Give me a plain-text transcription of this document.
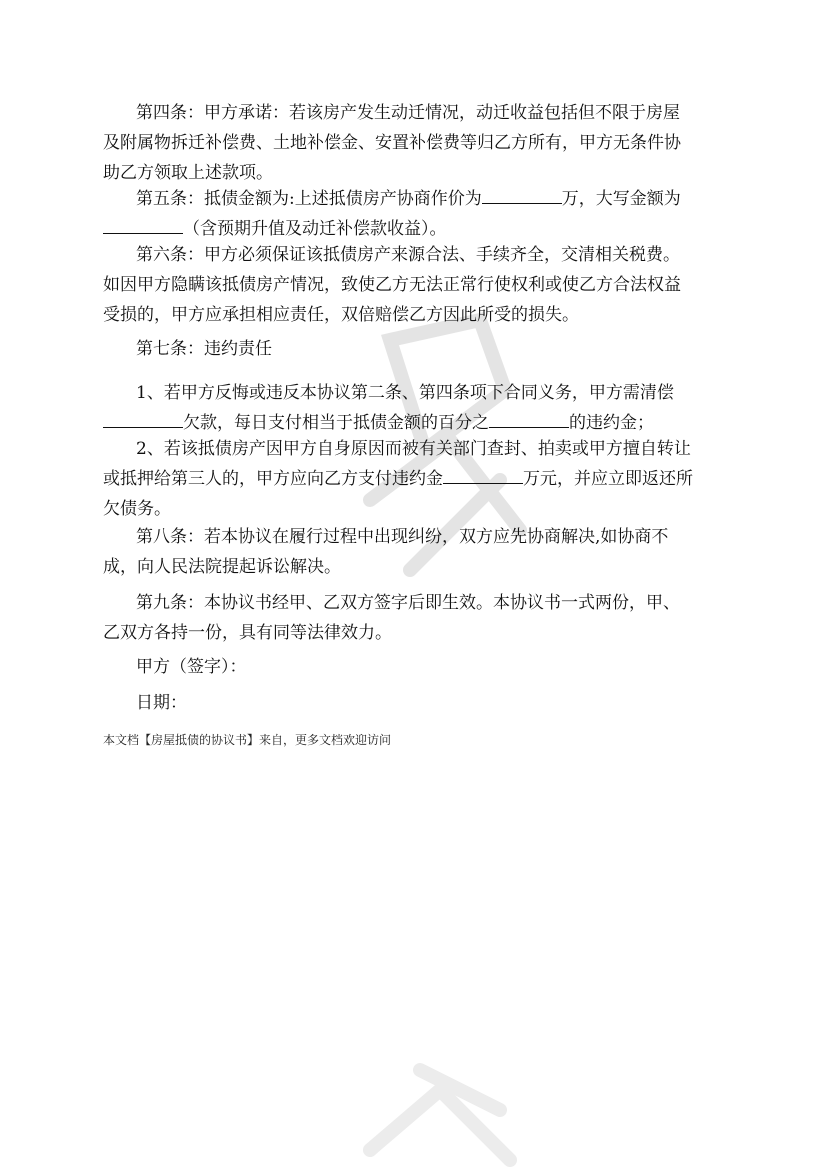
第四条：甲方承诺：若该房产发生动迁情况，动迁收益包括但不限于房屋
及附属物拆迁补偿费、土地补偿金、安置补偿费等归乙方所有，甲方无条件协
助乙方领取上述款项。
第五条：抵债金额为:上述抵债房产协商作价为	万，大写金额为
（含预期升值及动迁补偿款收益）。
第六条：甲方必须保证该抵债房产来源合法、手续齐全，交清相关税费。
如因甲方隐瞒该抵债房产情况，致使乙方无法正常行使权利或使乙方合法权益
受损的，甲方应承担相应责任，双倍赔偿乙方因此所受的损失。
第七条：违约责任
1、若甲方反悔或违反本协议第二条、第四条项下合同义务，甲方需清偿
欠款，每日支付相当于抵债金额的百分之	的违约金；
2、若该抵债房产因甲方自身原因而被有关部门查封、拍卖或甲方擅自转让
或抵押给第三人的，甲方应向乙方支付违约金	万元，并应立即返还所
欠债务。
第八条：若本协议在履行过程中出现纠纷，双方应先协商解决,如协商不
成，向人民法院提起诉讼解决。
第九条：本协议书经甲、乙双方签字后即生效。本协议书一式两份，甲、
乙双方各持一份，具有同等法律效力。
甲方（签字）：
日期：
本文档【房屋抵债的协议书】来自，更多文档欢迎访问
